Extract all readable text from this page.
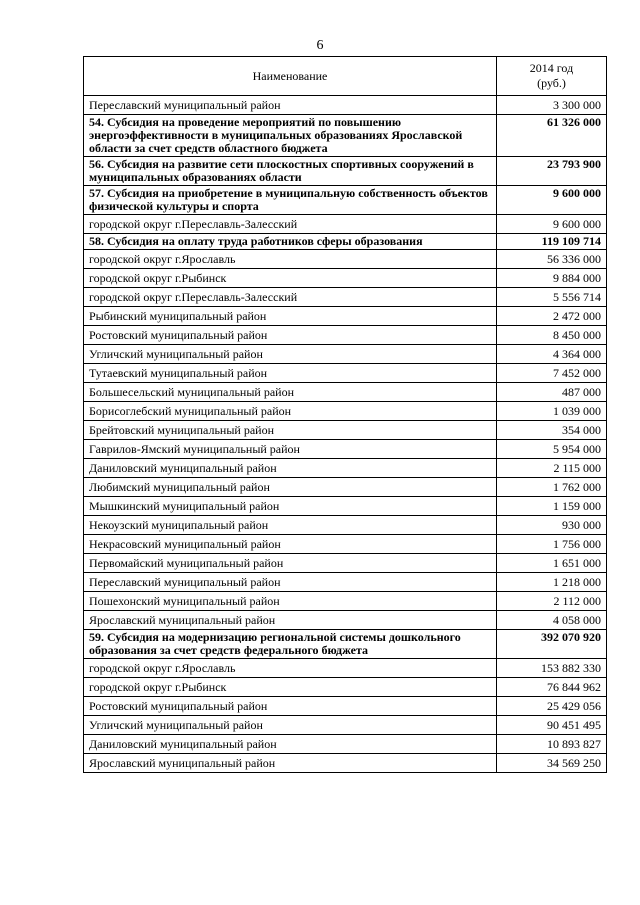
6
Наименование	2014 год
(руб.)
Переславский муниципальный район	3 300 000
54. Субсидия на проведение мероприятий по повышению энергоэффективности в муниципальных образованиях Ярославской области за счет средств областного бюджета	61 326 000
56. Субсидия на развитие сети плоскостных спортивных сооружений в муниципальных образованиях области	23 793 900
57. Субсидия на приобретение в муниципальную собственность объектов физической культуры и спорта	9 600 000
городской округ г.Переславль-Залесский	9 600 000
58. Субсидия на оплату труда работников сферы образования	119 109 714
городской округ г.Ярославль	56 336 000
городской округ г.Рыбинск	9 884 000
городской округ г.Переславль-Залесский	5 556 714
Рыбинский муниципальный район	2 472 000
Ростовский муниципальный район	8 450 000
Угличский муниципальный район	4 364 000
Тутаевский муниципальный район	7 452 000
Большесельский муниципальный район	487 000
Борисоглебский муниципальный район	1 039 000
Брейтовский муниципальный район	354 000
Гаврилов-Ямский муниципальный район	5 954 000
Даниловский муниципальный район	2 115 000
Любимский муниципальный район	1 762 000
Мышкинский муниципальный район	1 159 000
Некоузский муниципальный район	930 000
Некрасовский муниципальный район	1 756 000
Первомайский муниципальный район	1 651 000
Переславский муниципальный район	1 218 000
Пошехонский муниципальный район	2 112 000
Ярославский муниципальный район	4 058 000
59. Субсидия на модернизацию региональной системы дошкольного образования за счет средств федерального бюджета	392 070 920
городской округ г.Ярославль	153 882 330
городской округ г.Рыбинск	76 844 962
Ростовский муниципальный район	25 429 056
Угличский муниципальный район	90 451 495
Даниловский муниципальный район	10 893 827
Ярославский муниципальный район	34 569 250
